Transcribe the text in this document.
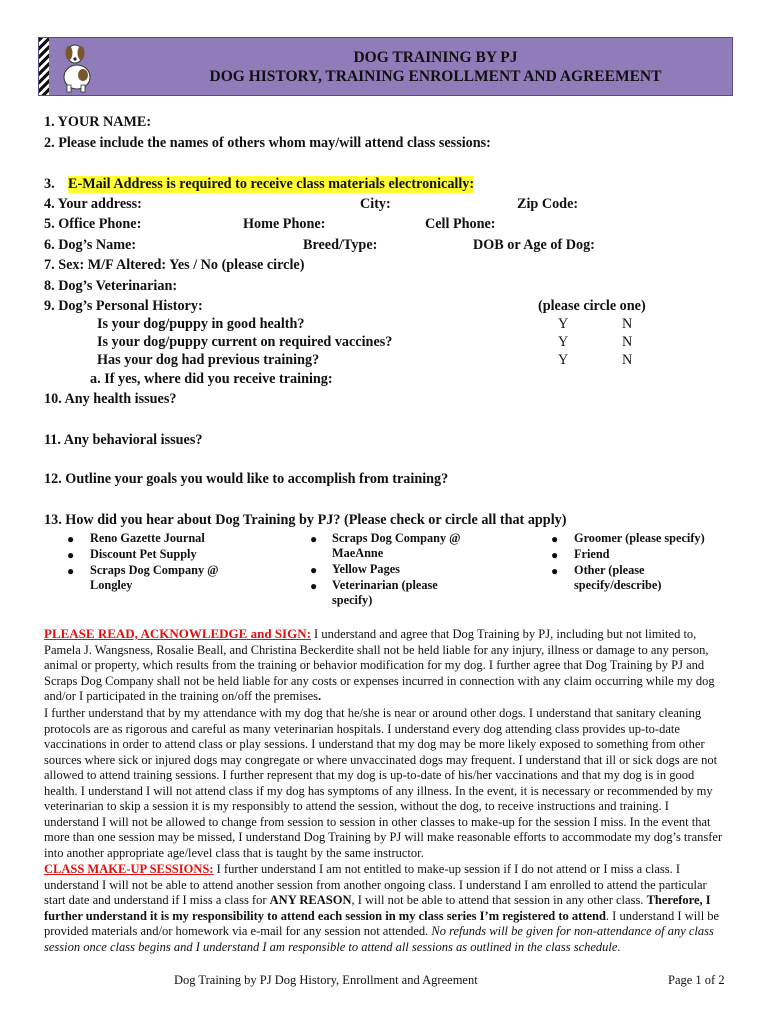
DOG TRAINING BY PJ
DOG HISTORY, TRAINING ENROLLMENT AND AGREEMENT
1. YOUR NAME:
2. Please include the names of others whom may/will attend class sessions:
3. E-Mail Address is required to receive class materials electronically:
4. Your address:	City:	Zip Code:
5. Office Phone:	Home Phone:	Cell Phone:
6. Dog’s Name:	Breed/Type:	DOB or Age of Dog:
7. Sex: M/F Altered: Yes / No (please circle)
8. Dog’s Veterinarian:
9. Dog’s Personal History:	(please circle one)
Is your dog/puppy in good health?	Y	N
Is your dog/puppy current on required vaccines?	Y	N
Has your dog had previous training?	Y	N
a. If yes, where did you receive training:
10. Any health issues?
11. Any behavioral issues?
12. Outline your goals you would like to accomplish from training?
13. How did you hear about Dog Training by PJ? (Please check or circle all that apply)
● Reno Gazette Journal
● Discount Pet Supply
● Scraps Dog Company @
Longley
● Scraps Dog Company @
MaeAnne
● Yellow Pages
● Veterinarian (please
specify)
● Groomer (please specify)
● Friend
● Other (please
specify/describe)
PLEASE READ, ACKNOWLEDGE and SIGN: I understand and agree that Dog Training by PJ, including but not limited to, Pamela J. Wangsness, Rosalie Beall, and Christina Beckerdite shall not be held liable for any injury, illness or damage to any person, animal or property, which results from the training or behavior modification for my dog. I further agree that Dog Training by PJ and Scraps Dog Company shall not be held liable for any costs or expenses incurred in connection with any claim occurring while my dog and/or I participated in the training on/off the premises.
I further understand that by my attendance with my dog that he/she is near or around other dogs. I understand that sanitary cleaning protocols are as rigorous and careful as many veterinarian hospitals. I understand every dog attending class provides up-to-date vaccinations in order to attend class or play sessions. I understand that my dog may be more likely exposed to something from other sources where sick or injured dogs may congregate or where unvaccinated dogs may frequent. I understand that ill or sick dogs are not allowed to attend training sessions. I further represent that my dog is up-to-date of his/her vaccinations and that my dog is in good health. I understand I will not attend class if my dog has symptoms of any illness. In the event, it is necessary or recommended by my veterinarian to skip a session it is my responsibly to attend the session, without the dog, to receive instructions and training. I understand I will not be allowed to change from session to session in other classes to make-up for the session I miss. In the event that more than one session may be missed, I understand Dog Training by PJ will make reasonable efforts to accommodate my dog’s transfer into another appropriate age/level class that is taught by the same instructor.
CLASS MAKE-UP SESSIONS: I further understand I am not entitled to make-up session if I do not attend or I miss a class. I understand I will not be able to attend another session from another ongoing class. I understand I am enrolled to attend the particular start date and understand if I miss a class for ANY REASON, I will not be able to attend that session in any other class. Therefore, I further understand it is my responsibility to attend each session in my class series I’m registered to attend. I understand I will be provided materials and/or homework via e-mail for any session not attended. No refunds will be given for non-attendance of any class session once class begins and I understand I am responsible to attend all sessions as outlined in the class schedule.
Dog Training by PJ Dog History, Enrollment and Agreement	Page 1 of 2
